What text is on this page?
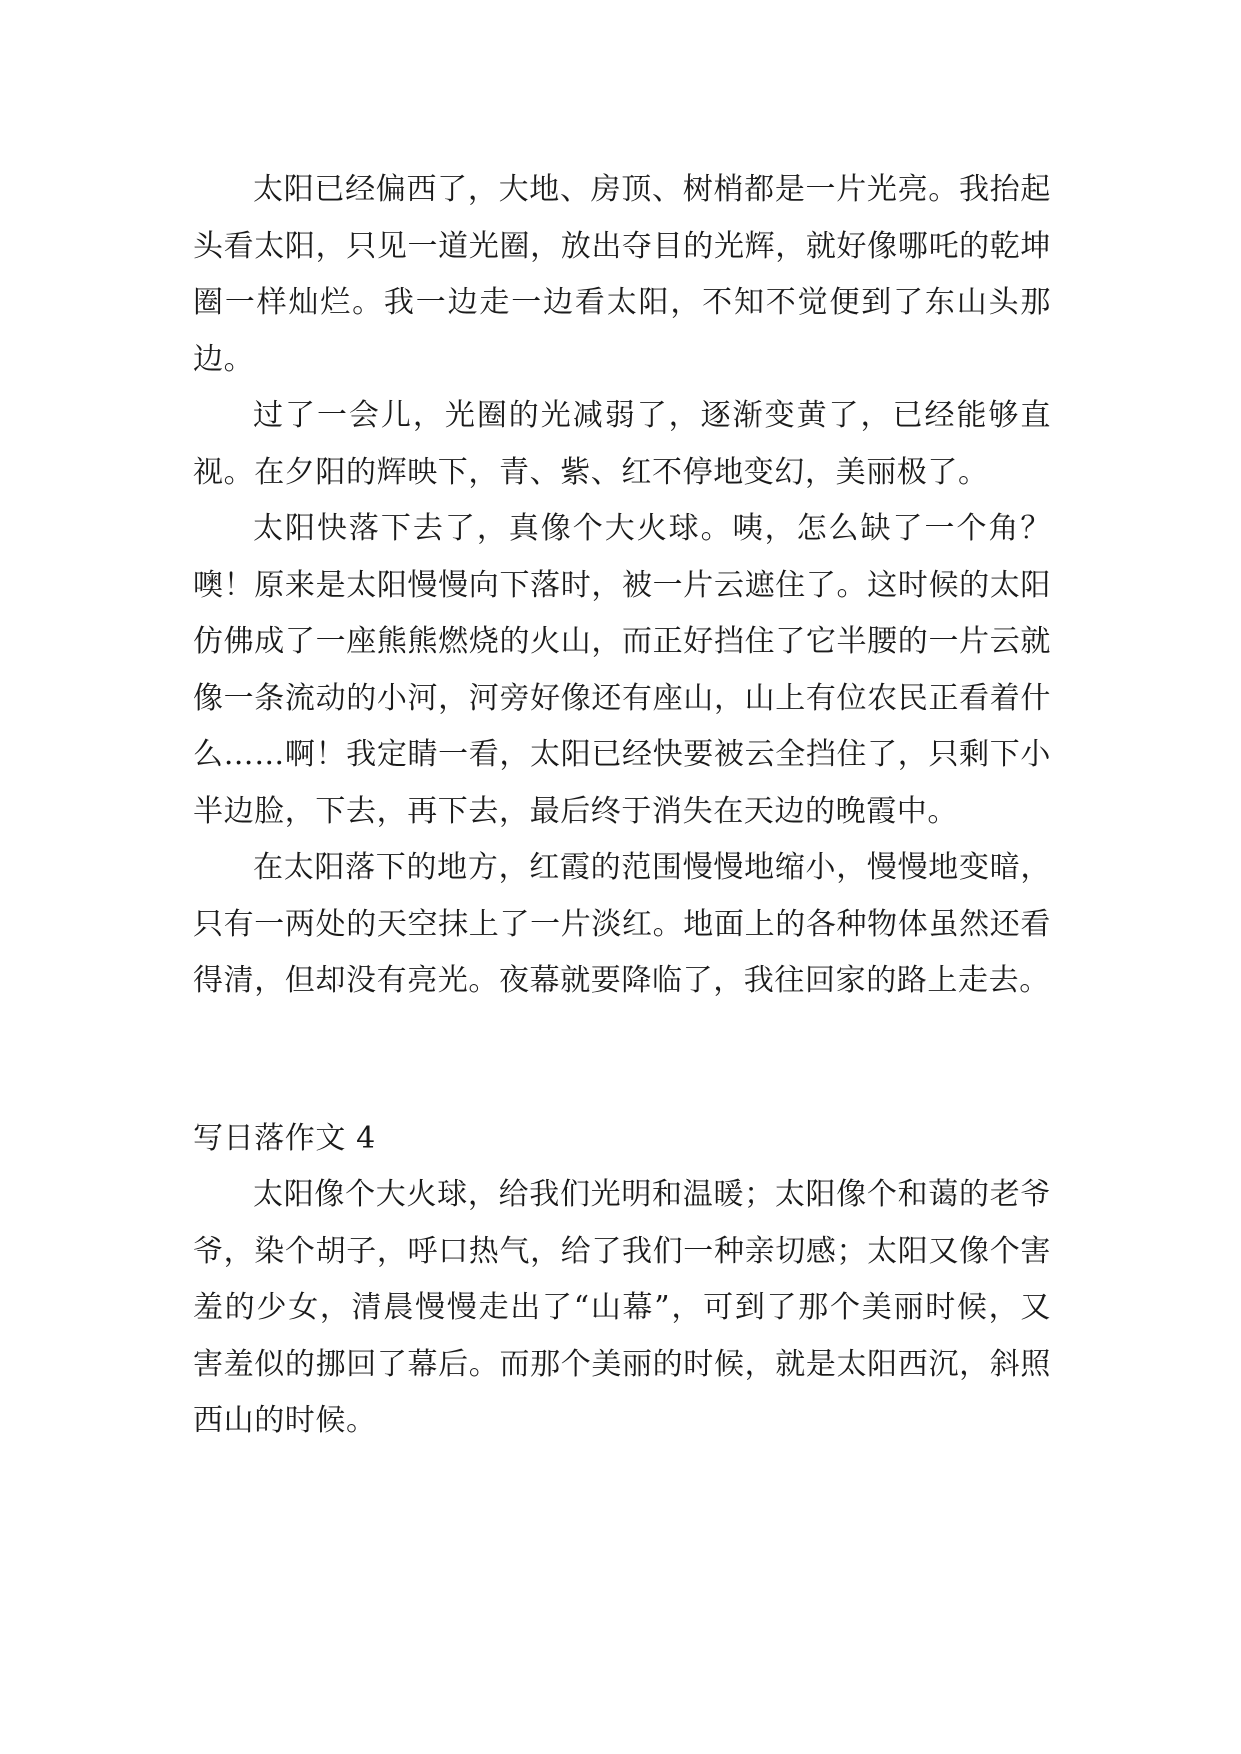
太阳已经偏西了，大地、房顶、树梢都是一片光亮。我抬起头看太阳，只见一道光圈，放出夺目的光辉，就好像哪吒的乾坤圈一样灿烂。我一边走一边看太阳，不知不觉便到了东山头那边。

过了一会儿，光圈的光减弱了，逐渐变黄了，已经能够直视。在夕阳的辉映下，青、紫、红不停地变幻，美丽极了。

太阳快落下去了，真像个大火球。咦，怎么缺了一个角？噢！原来是太阳慢慢向下落时，被一片云遮住了。这时候的太阳仿佛成了一座熊熊燃烧的火山，而正好挡住了它半腰的一片云就像一条流动的小河，河旁好像还有座山，山上有位农民正看着什么……啊！我定睛一看，太阳已经快要被云全挡住了，只剩下小半边脸，下去，再下去，最后终于消失在天边的晚霞中。

在太阳落下的地方，红霞的范围慢慢地缩小，慢慢地变暗，只有一两处的天空抹上了一片淡红。地面上的各种物体虽然还看得清，但却没有亮光。夜幕就要降临了，我往回家的路上走去。

写日落作文 4

太阳像个大火球，给我们光明和温暖；太阳像个和蔼的老爷爷，染个胡子，呼口热气，给了我们一种亲切感；太阳又像个害羞的少女，清晨慢慢走出了“山幕”，可到了那个美丽时候，又害羞似的挪回了幕后。而那个美丽的时候，就是太阳西沉，斜照西山的时候。
